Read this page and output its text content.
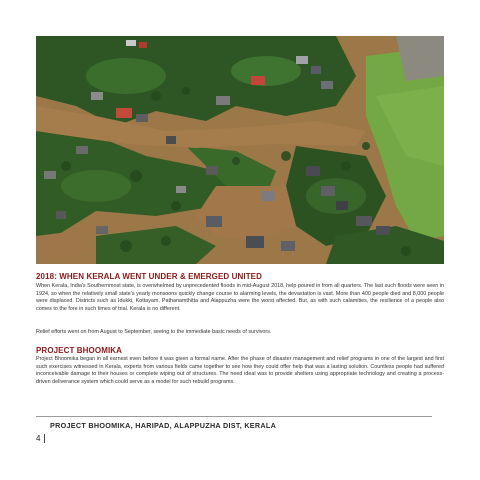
2018: WHEN KERALA WENT UNDER & EMERGED UNITED

When Kerala, India's Southernmost state, is overwhelmed by unprecedented floods in mid-August 2018, help poured in from all quarters. The last such floods were seen in 1924, so when the relatively small state's yearly monsoons quickly change course to alarming levels, the devastation is vast. More than 400 people died and 8,000 people were displaced. Districts such as Idukki, Kottayam, Pathanamthitta and Alappuzha were the worst affected. But, as with such calamities, the resilience of a people also comes to the fore in such times of trial. Kerala is no different.

Relief efforts went on from August to September, seeing to the immediate basic needs of survivors.

PROJECT BHOOMIKA

Project Bhoomika began in all earnest even before it was given a formal name. After the phase of disaster management and relief programs in one of the largest and first such exercises witnessed in Kerala, experts from various fields came together to see how they could offer help that was a lasting solution. Countless people had suffered inconceivable damage to their houses or complete wiping out of structures. The need ideal was to provide shelters using appropriate technology and creating a process-driven deliverance system which could serve as a model for such rebuild programs.

PROJECT BHOOMIKA, HARIPAD, ALAPPUZHA DIST, KERALA

4
